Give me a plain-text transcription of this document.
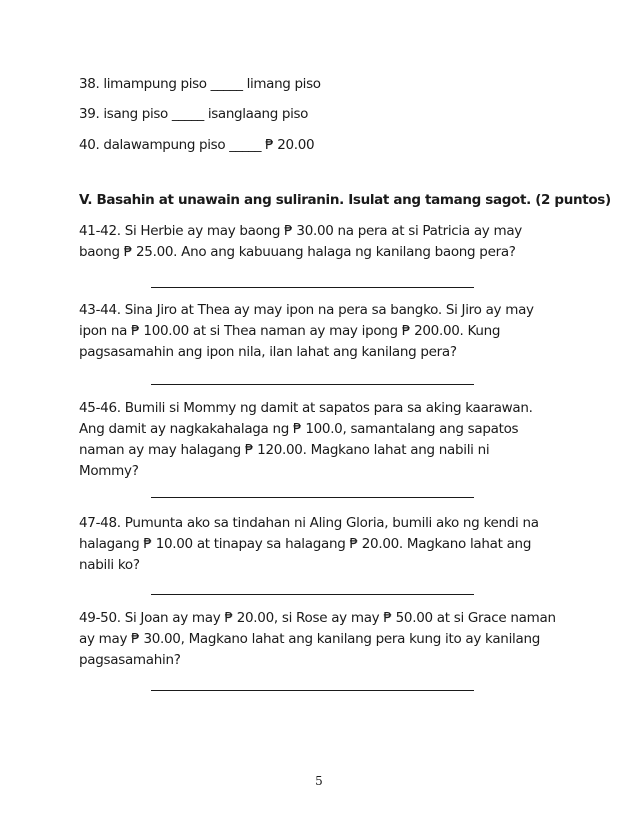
38. limampung piso _____ limang piso
39. isang piso _____ isanglaang piso
40. dalawampung piso _____ ₱ 20.00
V. Basahin at unawain ang suliranin. Isulat ang tamang sagot. (2 puntos)
41-42. Si Herbie ay may baong ₱ 30.00 na pera at si Patricia ay may
baong ₱ 25.00. Ano ang kabuuang halaga ng kanilang baong pera?
43-44. Sina Jiro at Thea ay may ipon na pera sa bangko. Si Jiro ay may
ipon na ₱ 100.00 at si Thea naman ay may ipong ₱ 200.00. Kung
pagsasamahin ang ipon nila, ilan lahat ang kanilang pera?
45-46. Bumili si Mommy ng damit at sapatos para sa aking kaarawan.
Ang damit ay nagkakahalaga ng ₱ 100.0, samantalang ang sapatos
naman ay may halagang ₱ 120.00. Magkano lahat ang nabili ni
Mommy?
47-48. Pumunta ako sa tindahan ni Aling Gloria, bumili ako ng kendi na
halagang ₱ 10.00 at tinapay sa halagang ₱ 20.00. Magkano lahat ang
nabili ko?
49-50. Si Joan ay may ₱ 20.00, si Rose ay may ₱ 50.00 at si Grace naman
ay may ₱ 30.00, Magkano lahat ang kanilang pera kung ito ay kanilang
pagsasamahin?
5
